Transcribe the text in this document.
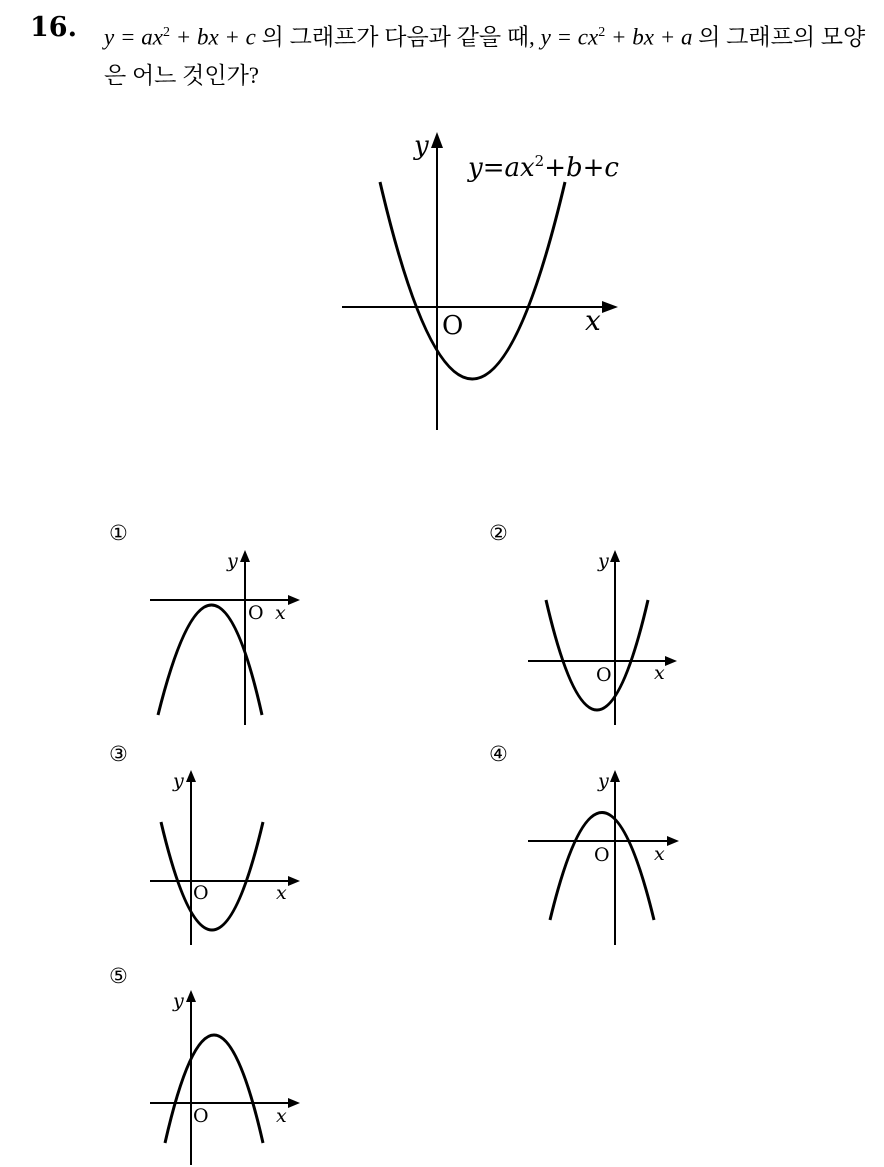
16. $y = ax^2$ + bx + c 의 그래프가 다음과 같을 때, $y = cx^2$ + bx + a 의 그래프의 모양은 어느 것인가?
y
O	x
$y=ax^2+b+c$
①
y
O x
②
y
O x
③
y
O	x
④
y
O x
⑤
y
O	x
